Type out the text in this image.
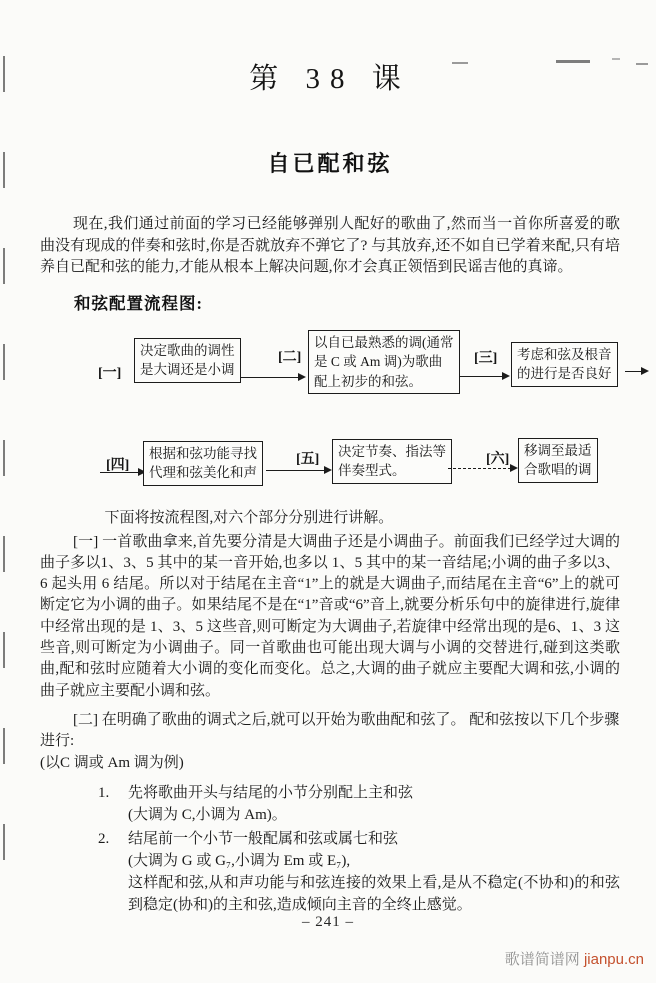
第 38 课
自已配和弦

现在,我们通过前面的学习已经能够弹别人配好的歌曲了,然而当一首你所喜爱的歌曲没有现成的伴奏和弦时,你是否就放弃不弹它了? 与其放弃,还不如自已学着来配,只有培养自已配和弦的能力,才能从根本上解决问题,你才会真正领悟到民谣吉他的真谛。

和弦配置流程图:
[一]
决定歌曲的调性
是大调还是小调
[二]
以自已最熟悉的调(通常
是 C 或 Am 调)为歌曲
配上初步的和弦。
[三] 考虑和弦及根音
的进行是否良好
[四]
根据和弦功能寻找
代理和弦美化和声
[五]
决定节奏、指法等
伴奏型式。
[六]
移调至最适
合歌唱的调

下面将按流程图,对六个部分分别进行讲解。

[一] 一首歌曲拿来,首先要分清是大调曲子还是小调曲子。前面我们已经学过大调的曲子多以1、3、5 其中的某一音开始,也多以 1、5 其中的某一音结尾;小调的曲子多以3、6 起头用 6 结尾。所以对于结尾在主音“1”上的就是大调曲子,而结尾在主音“6”上的就可断定它为小调的曲子。如果结尾不是在“1”音或“6”音上,就要分析乐句中的旋律进行,旋律中经常出现的是 1、3、5 这些音,则可断定为大调曲子,若旋律中经常出现的是6、1、3 这些音,则可断定为小调曲子。同一首歌曲也可能出现大调与小调的交替进行,碰到这类歌曲,配和弦时应随着大小调的变化而变化。总之,大调的曲子就应主要配大调和弦,小调的曲子就应主要配小调和弦。

[二] 在明确了歌曲的调式之后,就可以开始为歌曲配和弦了。 配和弦按以下几个步骤进行:

(以C 调或 Am 调为例)

1.	先将歌曲开头与结尾的小节分别配上主和弦
(大调为 C,小调为 Am)。
2.	结尾前一个小节一般配属和弦或属七和弦
(大调为 G 或 G₇,小调为 Em 或 E₇),
这样配和弦,从和声功能与和弦连接的效果上看,是从不稳定(不协和)的和弦到稳定(协和)的主和弦,造成倾向主音的全终止感觉。
– 241 –
歌谱简谱网 jianpu.cn
